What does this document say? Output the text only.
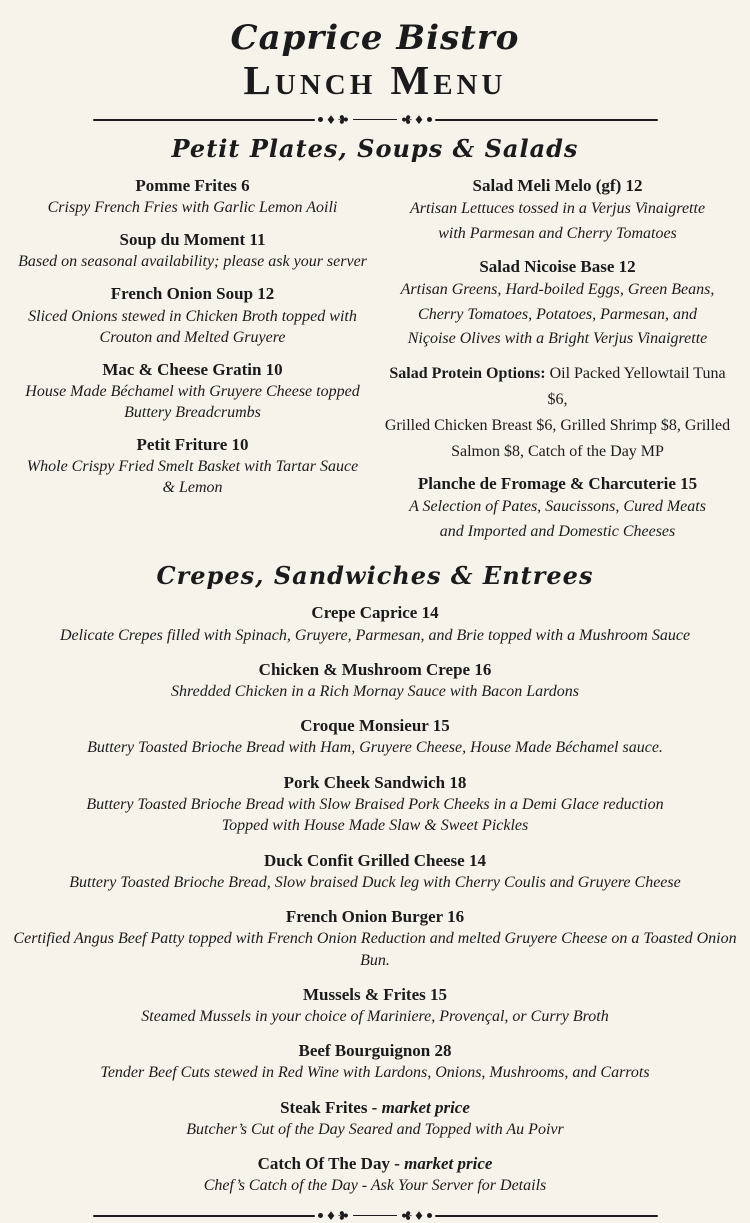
Caprice Bistro
Lunch Menu
♦
♣	♣
♦
Petit Plates, Soups & Salads
Pomme Frites 6
Crispy French Fries with Garlic Lemon Aoili
Soup du Moment 11
Based on seasonal availability; please ask your server
French Onion Soup 12
Sliced Onions stewed in Chicken Broth topped with
Crouton and Melted Gruyere
Mac & Cheese Gratin 10
House Made Béchamel with Gruyere Cheese topped
Buttery Breadcrumbs
Petit Friture 10
Whole Crispy Fried Smelt Basket with Tartar Sauce
& Lemon
Salad Meli Melo (gf) 12
Artisan Lettuces tossed in a Verjus Vinaigrette
with Parmesan and Cherry Tomatoes
Salad Nicoise Base 12
Artisan Greens, Hard-boiled Eggs, Green Beans,
Cherry Tomatoes, Potatoes, Parmesan, and
Niçoise Olives with a Bright Verjus Vinaigrette
Salad Protein Options: Oil Packed Yellowtail Tuna $6,
Grilled Chicken Breast $6, Grilled Shrimp $8, Grilled
Salmon $8, Catch of the Day MP
Planche de Fromage & Charcuterie 15
A Selection of Pates, Saucissons, Cured Meats
and Imported and Domestic Cheeses
Crepes, Sandwiches & Entrees
Crepe Caprice 14
Delicate Crepes filled with Spinach, Gruyere, Parmesan, and Brie topped with a Mushroom Sauce
Chicken & Mushroom Crepe 16
Shredded Chicken in a Rich Mornay Sauce with Bacon Lardons
Croque Monsieur 15
Buttery Toasted Brioche Bread with Ham, Gruyere Cheese, House Made Béchamel sauce.
Pork Cheek Sandwich 18
Buttery Toasted Brioche Bread with Slow Braised Pork Cheeks in a Demi Glace reduction
Topped with House Made Slaw & Sweet Pickles
Duck Confit Grilled Cheese 14
Buttery Toasted Brioche Bread, Slow braised Duck leg with Cherry Coulis and Gruyere Cheese
French Onion Burger 16
Certified Angus Beef Patty topped with French Onion Reduction and melted Gruyere Cheese on a Toasted Onion Bun.
Mussels & Frites 15
Steamed Mussels in your choice of Mariniere, Provençal, or Curry Broth
Beef Bourguignon 28
Tender Beef Cuts stewed in Red Wine with Lardons, Onions, Mushrooms, and Carrots
Steak Frites - market price
Butcher’s Cut of the Day Seared and Topped with Au Poivr
Catch Of The Day - market price
Chef’s Catch of the Day - Ask Your Server for Details
♦
♣	♣
♦
